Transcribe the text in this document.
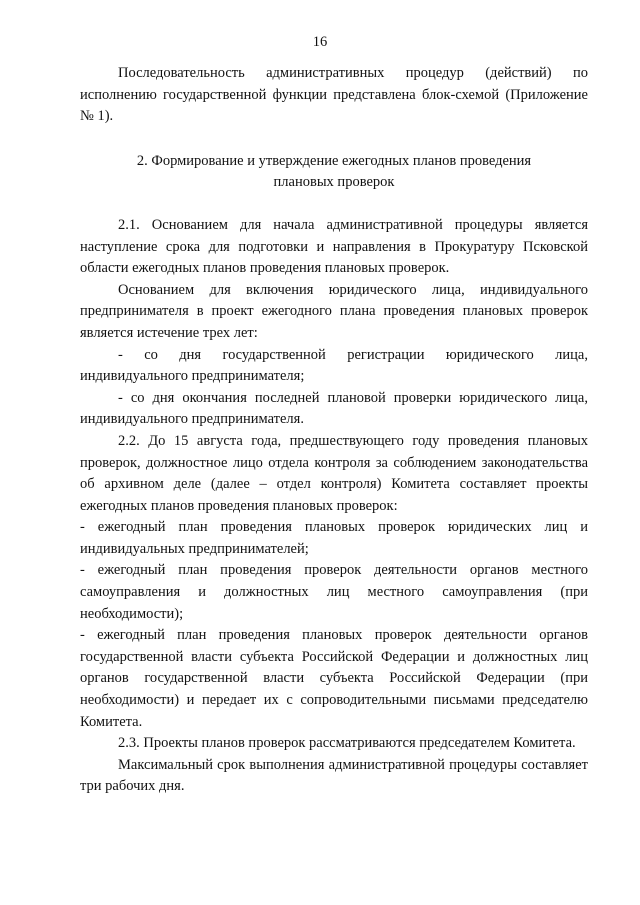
16

Последовательность административных процедур (действий) по исполнению государственной функции представлена блок-схемой (Приложение № 1).

2. Формирование и утверждение ежегодных планов проведения
плановых проверок

2.1. Основанием для начала административной процедуры является наступление срока для подготовки и направления в Прокуратуру Псковской области ежегодных планов проведения плановых проверок.

Основанием для включения юридического лица, индивидуального предпринимателя в проект ежегодного плана проведения плановых проверок является истечение трех лет:

- со дня государственной регистрации юридического лица, индивидуального предпринимателя;

- со дня окончания последней плановой проверки юридического лица, индивидуального предпринимателя.

2.2. До 15 августа года, предшествующего году проведения плановых проверок, должностное лицо отдела контроля за соблюдением законодательства об архивном деле (далее – отдел контроля) Комитета составляет проекты ежегодных планов проведения плановых проверок:

- ежегодный план проведения плановых проверок юридических лиц и индивидуальных предпринимателей;

- ежегодный план проведения проверок деятельности органов местного самоуправления и должностных лиц местного самоуправления (при необходимости);

- ежегодный план проведения плановых проверок деятельности органов государственной власти субъекта Российской Федерации и должностных лиц органов государственной власти субъекта Российской Федерации (при необходимости) и передает их с сопроводительными письмами председателю Комитета.

2.3. Проекты планов проверок рассматриваются председателем Комитета.

Максимальный срок выполнения административной процедуры составляет три рабочих дня.
